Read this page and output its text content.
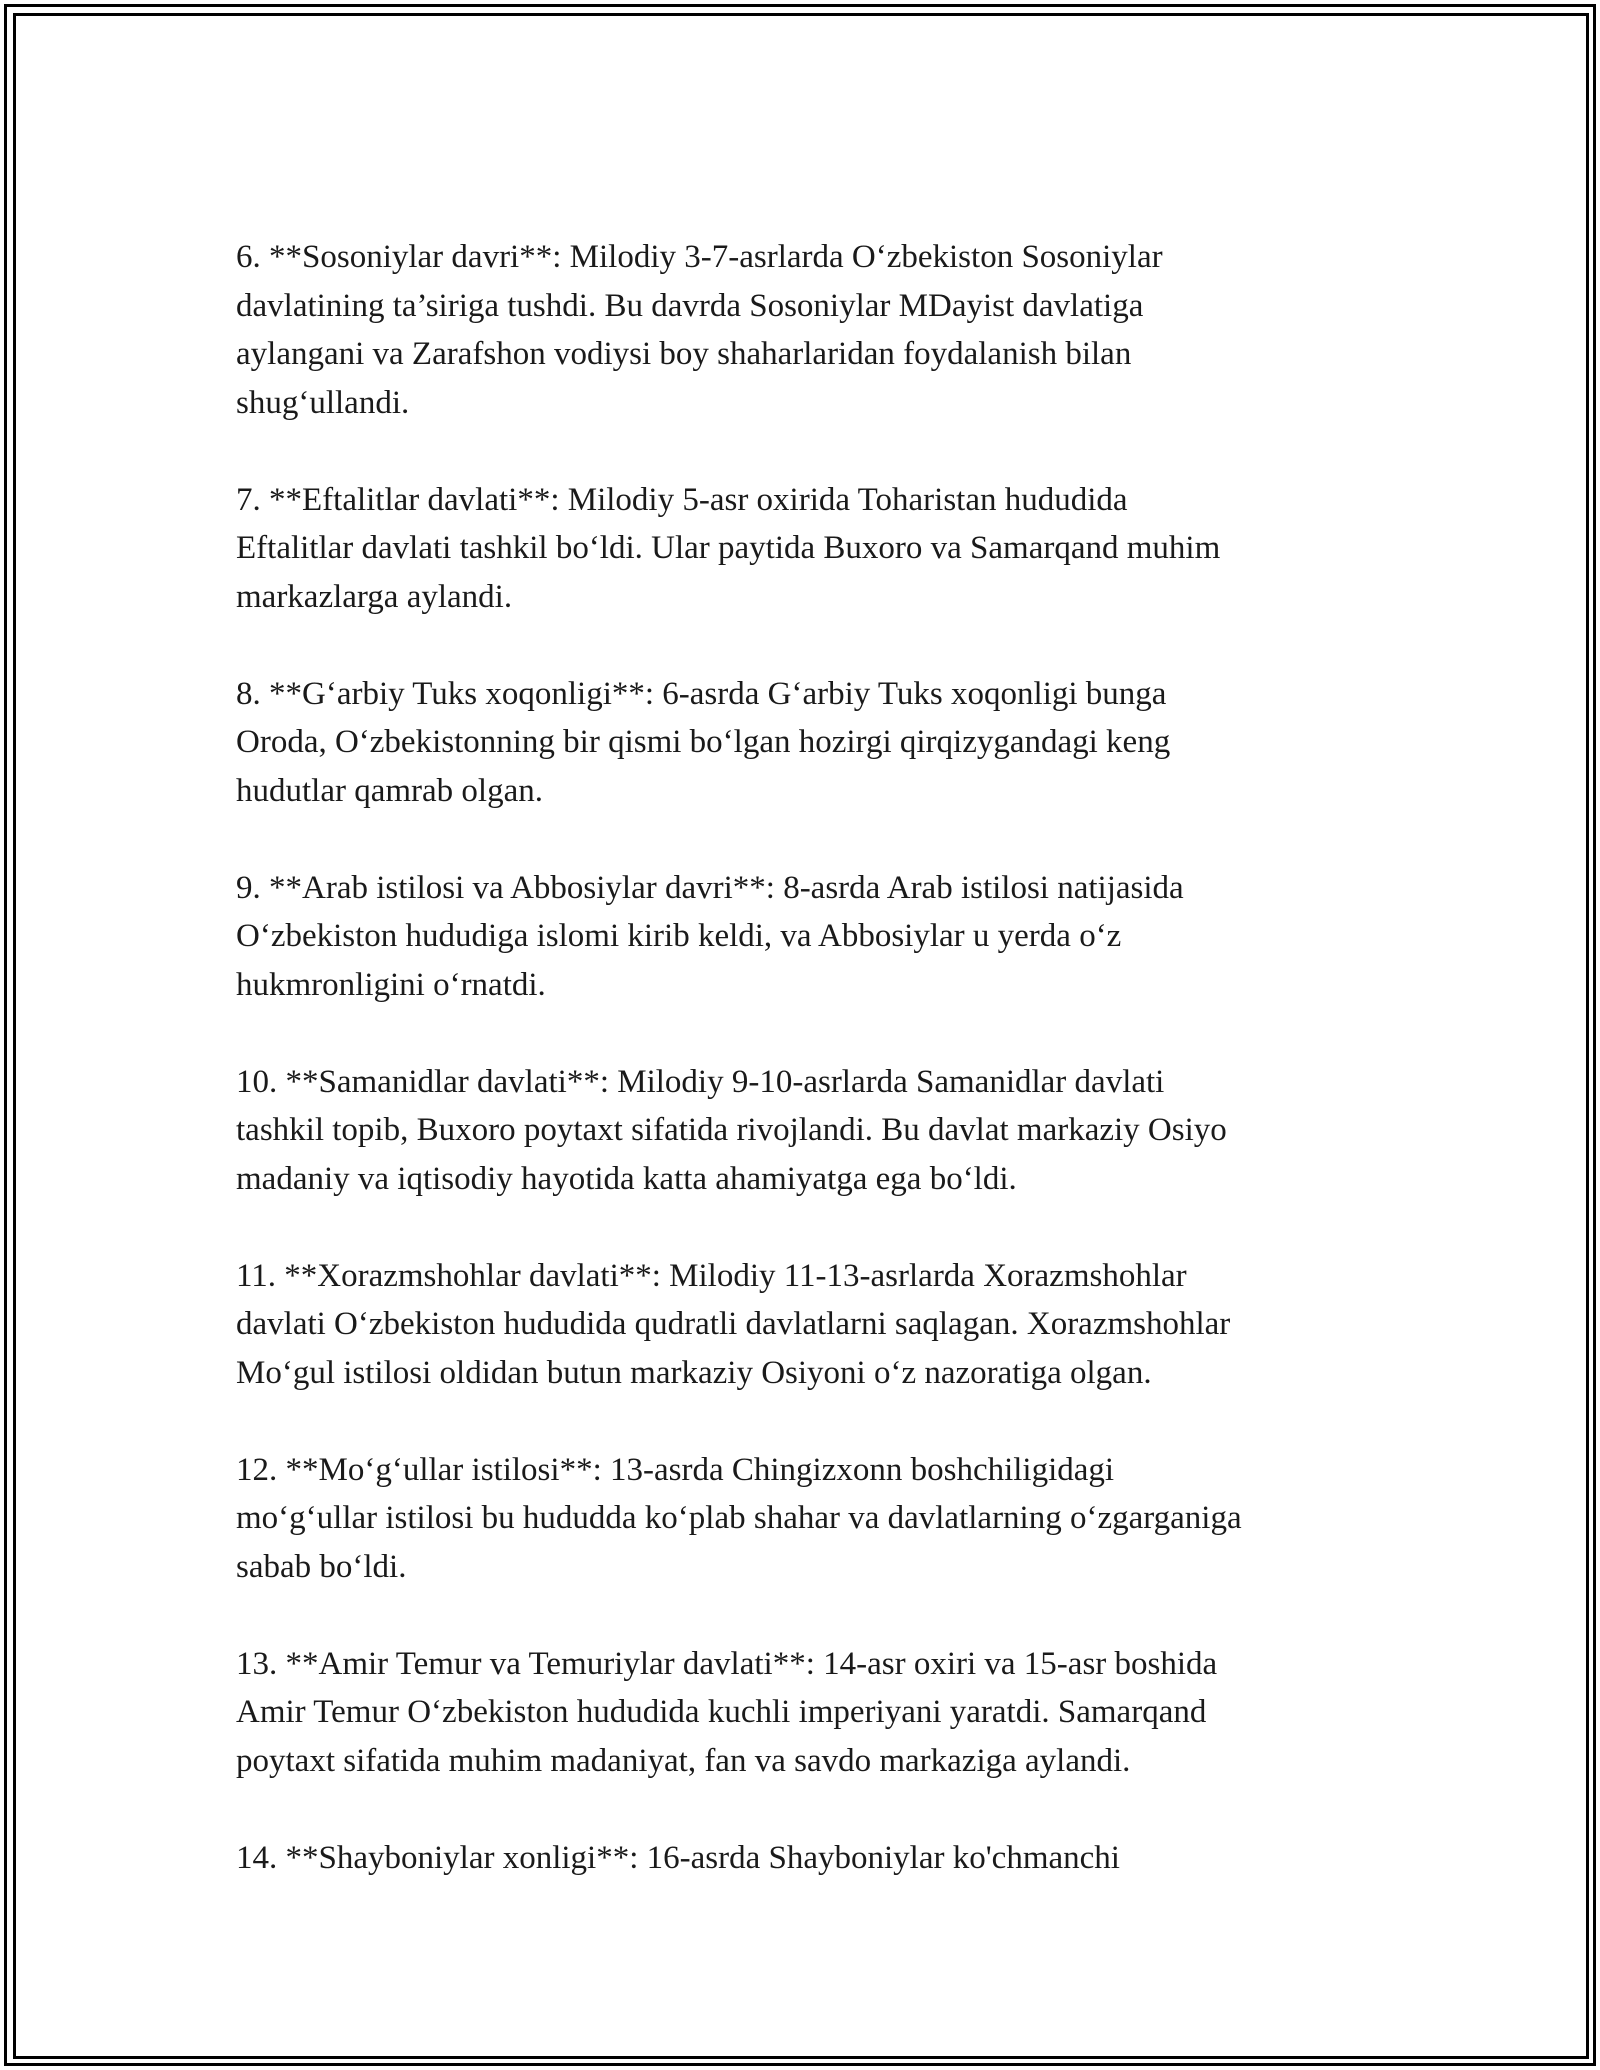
6. **Sosoniylar davri**: Milodiy 3-7-asrlarda O‘zbekiston Sosoniylar
davlatining ta’siriga tushdi. Bu davrda Sosoniylar MDayist davlatiga
aylangani va Zarafshon vodiysi boy shaharlaridan foydalanish bilan
shug‘ullandi.

7. **Eftalitlar davlati**: Milodiy 5-asr oxirida Toharistan hududida
Eftalitlar davlati tashkil bo‘ldi. Ular paytida Buxoro va Samarqand muhim
markazlarga aylandi.

8. **G‘arbiy Tuks xoqonligi**: 6-asrda G‘arbiy Tuks xoqonligi bunga
Oroda, O‘zbekistonning bir qismi bo‘lgan hozirgi qirqizygandagi keng
hudutlar qamrab olgan.

9. **Arab istilosi va Abbosiylar davri**: 8-asrda Arab istilosi natijasida
O‘zbekiston hududiga islomi kirib keldi, va Abbosiylar u yerda o‘z
hukmronligini o‘rnatdi.

10. **Samanidlar davlati**: Milodiy 9-10-asrlarda Samanidlar davlati
tashkil topib, Buxoro poytaxt sifatida rivojlandi. Bu davlat markaziy Osiyo
madaniy va iqtisodiy hayotida katta ahamiyatga ega bo‘ldi.

11. **Xorazmshohlar davlati**: Milodiy 11-13-asrlarda Xorazmshohlar
davlati O‘zbekiston hududida qudratli davlatlarni saqlagan. Xorazmshohlar
Mo‘gul istilosi oldidan butun markaziy Osiyoni o‘z nazoratiga olgan.

12. **Mo‘g‘ullar istilosi**: 13-asrda Chingizxonn boshchiligidagi
mo‘g‘ullar istilosi bu hududda ko‘plab shahar va davlatlarning o‘zgarganiga
sabab bo‘ldi.

13. **Amir Temur va Temuriylar davlati**: 14-asr oxiri va 15-asr boshida
Amir Temur O‘zbekiston hududida kuchli imperiyani yaratdi. Samarqand
poytaxt sifatida muhim madaniyat, fan va savdo markaziga aylandi.

14. **Shayboniylar xonligi**: 16-asrda Shayboniylar ko'chmanchi
